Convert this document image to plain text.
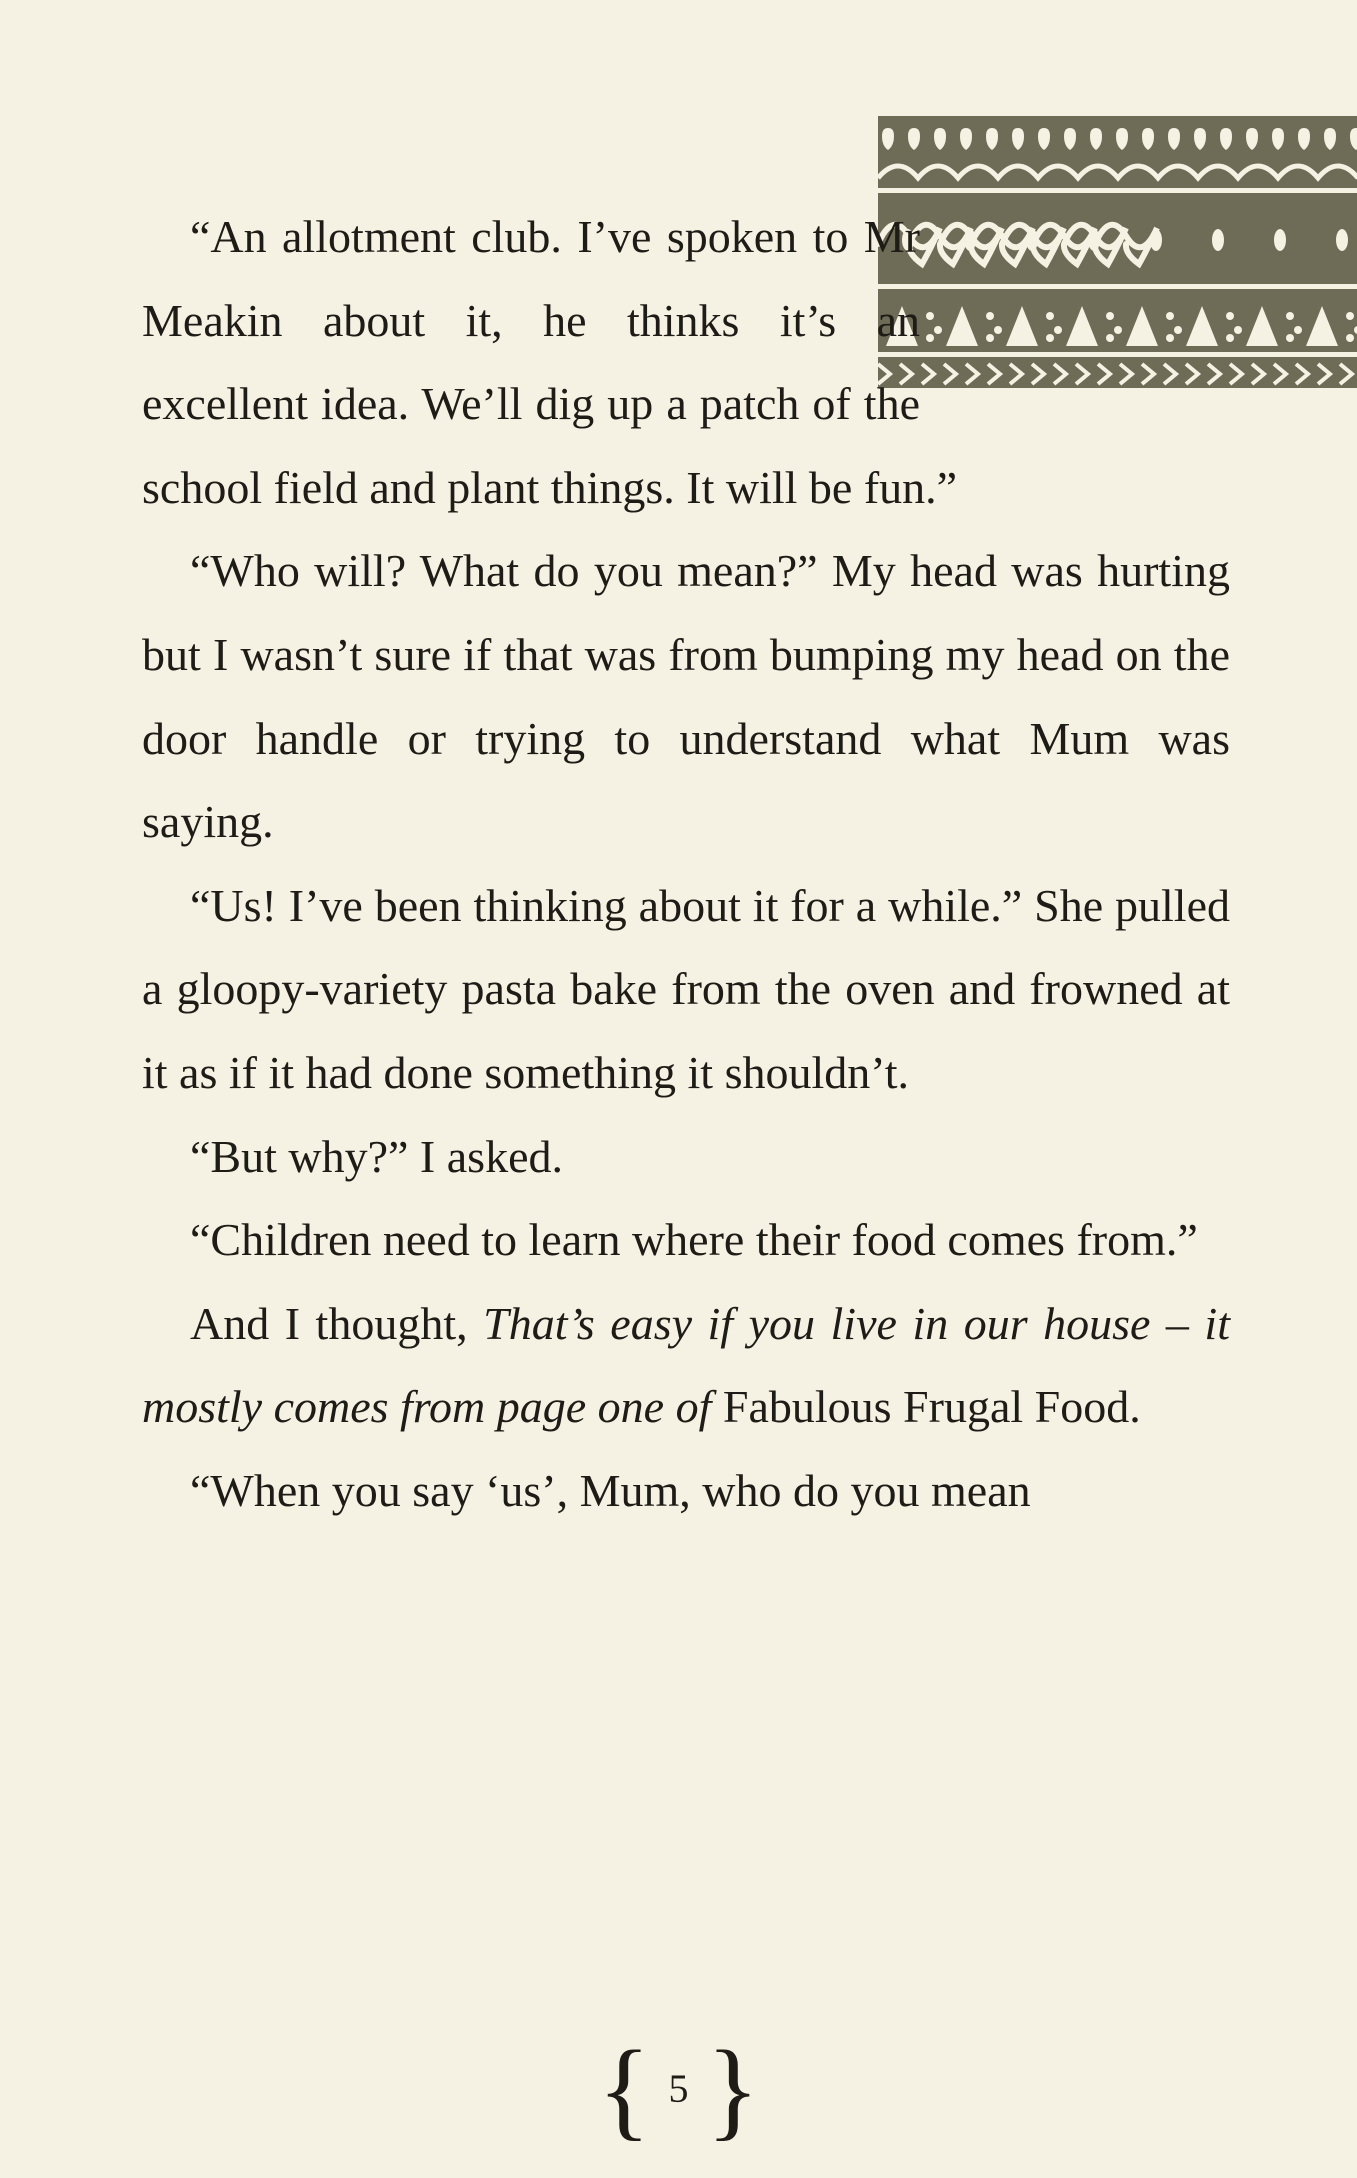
“An allotment club. I’ve spoken to Mr Meakin about it, he thinks it’s an excellent idea. We’ll dig up a patch of the school field and plant things. It will be fun.”

“Who will? What do you mean?” My head was hurting but I wasn’t sure if that was from bumping my head on the door handle or trying to understand what Mum was saying.

“Us! I’ve been thinking about it for a while.” She pulled a gloopy-variety pasta bake from the oven and frowned at it as if it had done something it shouldn’t.

“But why?” I asked.

“Children need to learn where their food comes from.”

And I thought, That’s easy if you live in our house – it mostly comes from page one of Fabulous Frugal Food.

“When you say ‘us’, Mum, who do you mean

{ 5 }
